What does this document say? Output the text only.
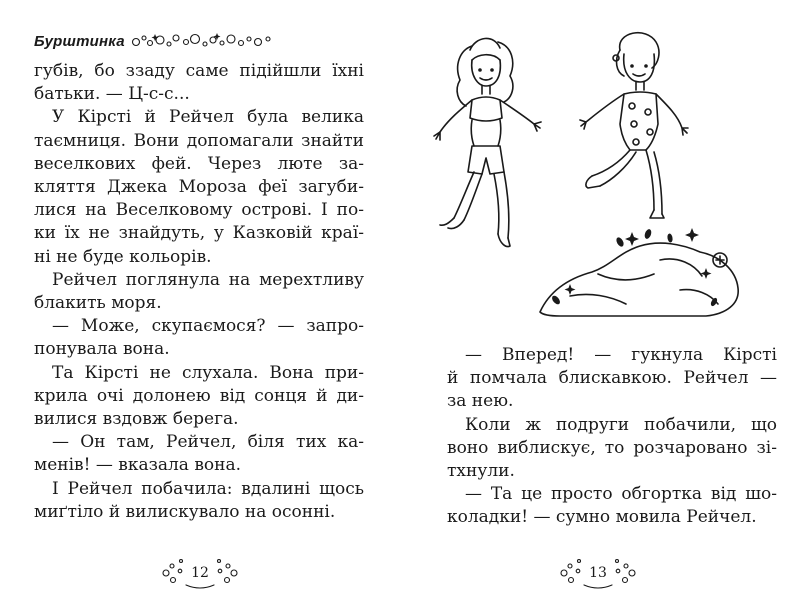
Бурштинка
губів, бо ззаду саме підійшли їхні
батьки. — Ц-с-с...
У Кірсті й Рейчел була велика
таємниця. Вони допомагали знайти
веселкових фей. Через люте за-
кляття Джека Мороза феї загуби-
лися на Веселковому острові. І по-
ки їх не знайдуть, у Казковій краї-
ні не буде кольорів.
Рейчел поглянула на мерехтливу
блакить моря.
— Може, скупаємося? — запро-
понувала вона.
Та Кірсті не слухала. Вона при-
крила очі долонею від сонця й ди-
вилися вздовж берега.
— Он там, Рейчел, біля тих ка-
менів! — вказала вона.
І Рейчел побачила: вдалині щось
миґтіло й вилискувало на осонні.
12
— Вперед! — гукнула Кірсті
й помчала блискавкою. Рейчел —
за нею.
Коли ж подруги побачили, що
воно виблискує, то розчаровано зі-
тхнули.
— Та це просто обгортка від шо-
коладки! — сумно мовила Рейчел.
13
